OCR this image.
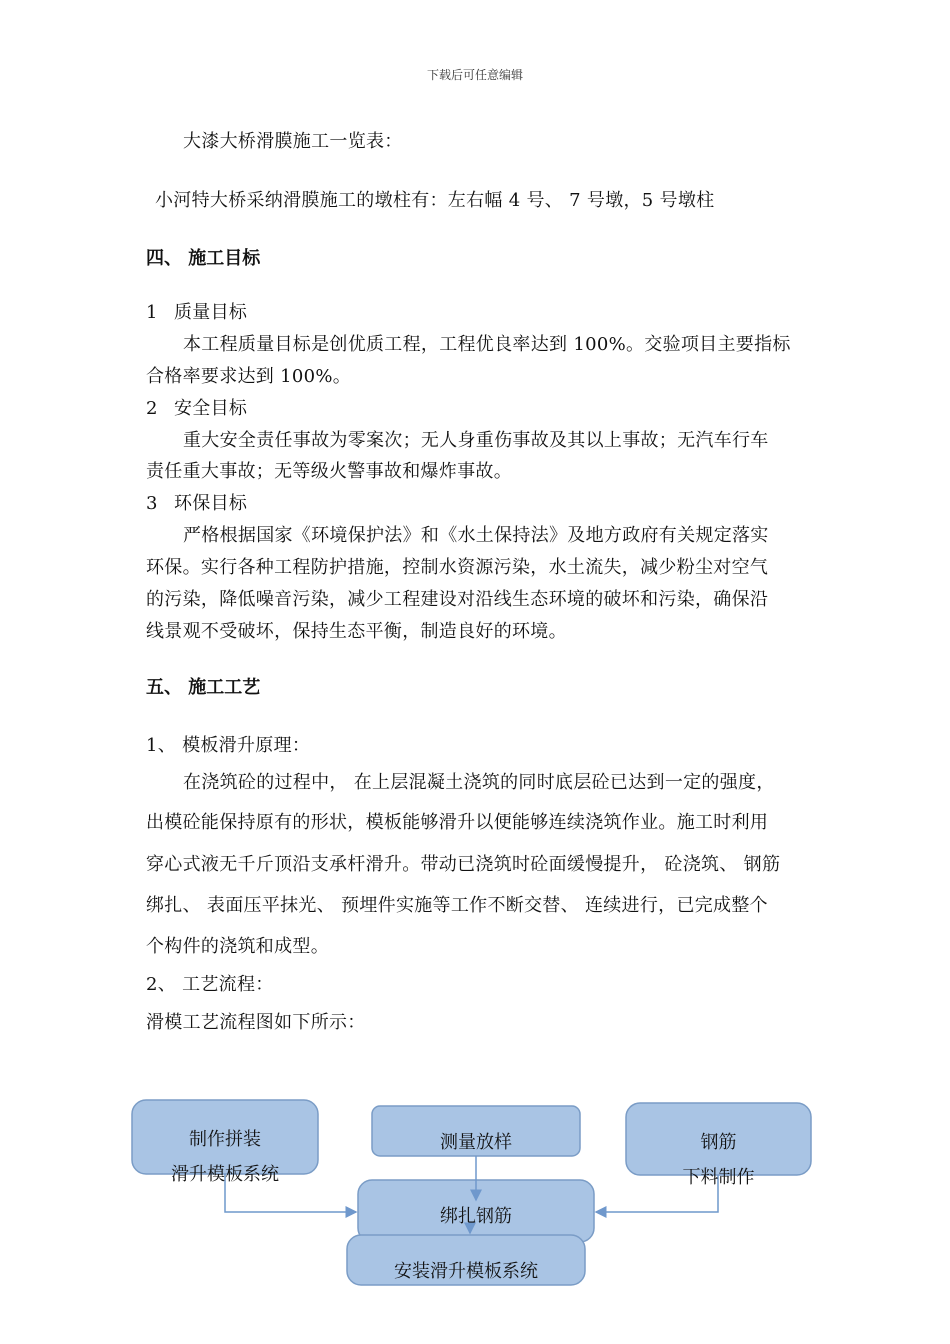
下载后可任意编辑
大漆大桥滑膜施工一览表：
小河特大桥采纳滑膜施工的墩柱有：左右幅 4 号、 7 号墩，5 号墩柱
四、 施工目标
1 质量目标
本工程质量目标是创优质工程，工程优良率达到 100%。交验项目主要指标
合格率要求达到 100%。
2 安全目标
重大安全责任事故为零案次；无人身重伤事故及其以上事故；无汽车行车
责任重大事故；无等级火警事故和爆炸事故。
3 环保目标
严格根据国家《环境保护法》和《水土保持法》及地方政府有关规定落实
环保。实行各种工程防护措施，控制水资源污染，水土流失，减少粉尘对空气
的污染，降低噪音污染，减少工程建设对沿线生态环境的破坏和污染，确保沿
线景观不受破坏，保持生态平衡，制造良好的环境。
五、 施工工艺
1、 模板滑升原理：
在浇筑砼的过程中， 在上层混凝土浇筑的同时底层砼已达到一定的强度，
出模砼能保持原有的形状，模板能够滑升以便能够连续浇筑作业。施工时利用
穿心式液无千斤顶沿支承杆滑升。带动已浇筑时砼面缓慢提升， 砼浇筑、 钢筋
绑扎、 表面压平抹光、 预埋件实施等工作不断交替、 连续进行，已完成整个
个构件的浇筑和成型。
2、 工艺流程：
滑模工艺流程图如下所示：
制作拼装
滑升模板系统
测量放样	钢筋
下料制作
绑扎钢筋
安装滑升模板系统
